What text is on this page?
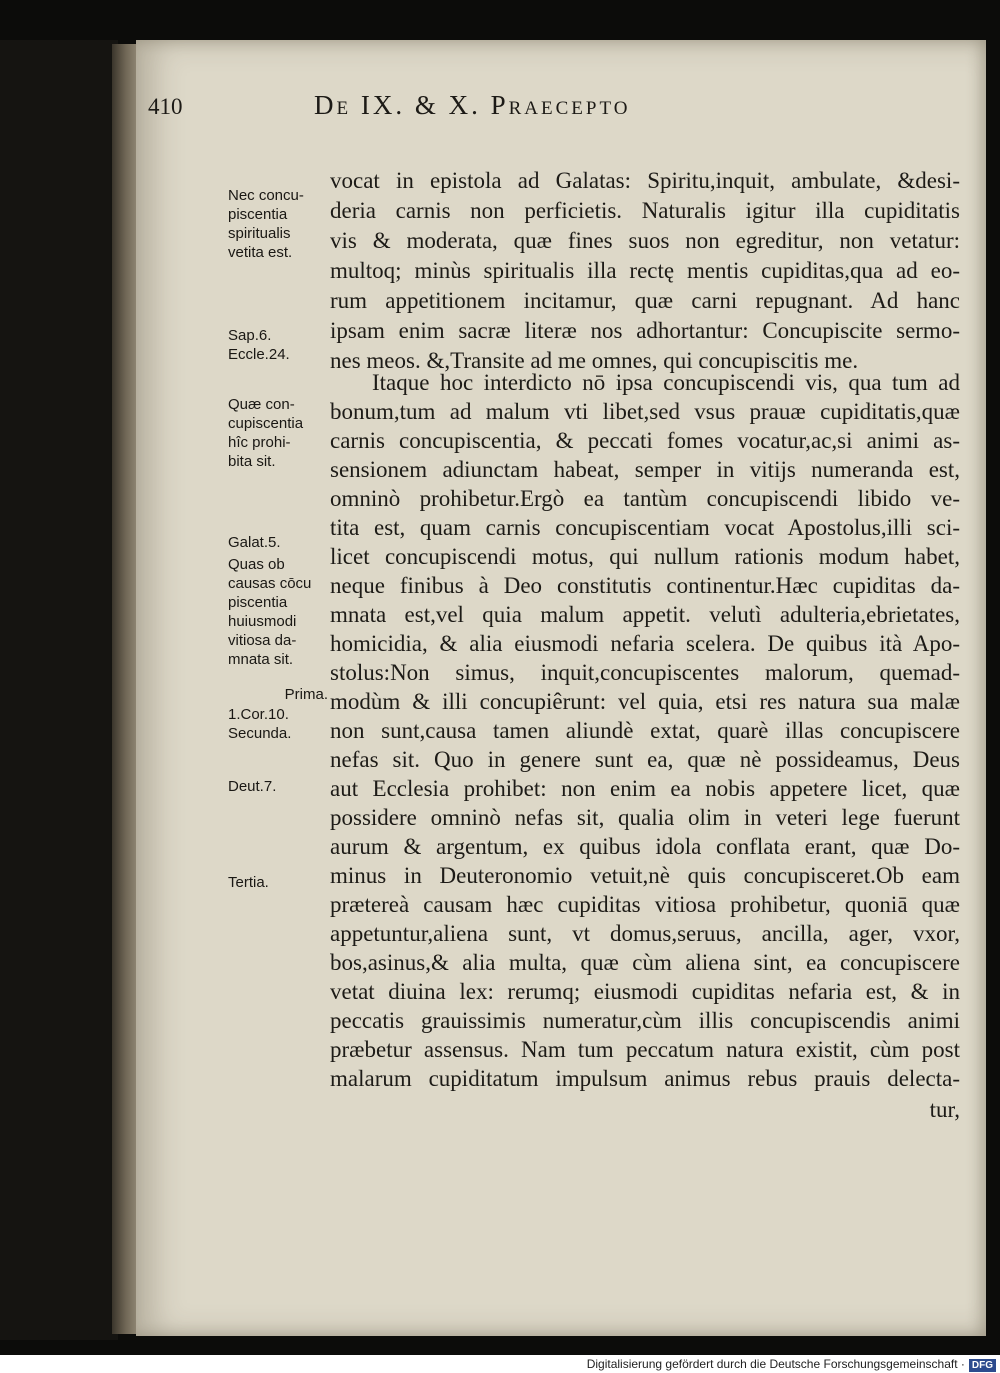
410	De IX. & X. Praecepto
Nec concu-
piscentia
spiritualis
vetita est.
Sap.6.
Eccle.24.
Quæ con-
cupiscentia
hîc prohi-
bita sit.
Galat.5.
Quas ob
causas cōcu
piscentia
huiusmodi
vitiosa da-
mnata sit.
Prima.
1.Cor.10.
Secunda.
Deut.7.
Tertia.
vocat in epistola ad Galatas: Spiritu,inquit, ambulate, &desi-
deria carnis non perficietis. Naturalis igitur illa cupiditatis
vis & moderata, quæ fines suos non egreditur, non vetatur:
multoq; minùs spiritualis illa rectę mentis cupiditas,qua ad eo-
rum appetitionem incitamur, quæ carni repugnant. Ad hanc
ipsam enim sacræ literæ nos adhortantur: Concupiscite sermo-
nes meos. &,Transite ad me omnes, qui concupiscitis me.
Itaque hoc interdicto nō ipsa concupiscendi vis, qua tum ad
bonum,tum ad malum vti libet,sed vsus prauæ cupiditatis,quæ
carnis concupiscentia, & peccati fomes vocatur,ac,si animi as-
sensionem adiunctam habeat, semper in vitijs numeranda est,
omninò prohibetur.Ergò ea tantùm concupiscendi libido ve-
tita est, quam carnis concupiscentiam vocat Apostolus,illi sci-
licet concupiscendi motus, qui nullum rationis modum habet,
neque finibus à Deo constitutis continentur.Hæc cupiditas da-
mnata est,vel quia malum appetit. velutì adulteria,ebrietates,
homicidia, & alia eiusmodi nefaria scelera. De quibus ità Apo-
stolus:Non simus, inquit,concupiscentes malorum, quemad-
modùm & illi concupiêrunt: vel quia, etsi res natura sua malæ
non sunt,causa tamen aliundè extat, quarè illas concupiscere
nefas sit. Quo in genere sunt ea, quæ nè possideamus, Deus
aut Ecclesia prohibet: non enim ea nobis appetere licet, quæ
possidere omninò nefas sit, qualia olim in veteri lege fuerunt
aurum & argentum, ex quibus idola conflata erant, quæ Do-
minus in Deuteronomio vetuit,nè quis concupisceret.Ob eam
prætereà causam hæc cupiditas vitiosa prohibetur, quoniā quæ
appetuntur,aliena sunt, vt domus,seruus, ancilla, ager, vxor,
bos,asinus,& alia multa, quæ cùm aliena sint, ea concupiscere
vetat diuina lex: rerumq; eiusmodi cupiditas nefaria est, & in
peccatis grauissimis numeratur,cùm illis concupiscendis animi
præbetur assensus. Nam tum peccatum natura existit, cùm post
malarum cupiditatum impulsum animus rebus prauis delecta-
tur,
Digitalisierung gefördert durch die Deutsche Forschungsgemeinschaft · DFG
